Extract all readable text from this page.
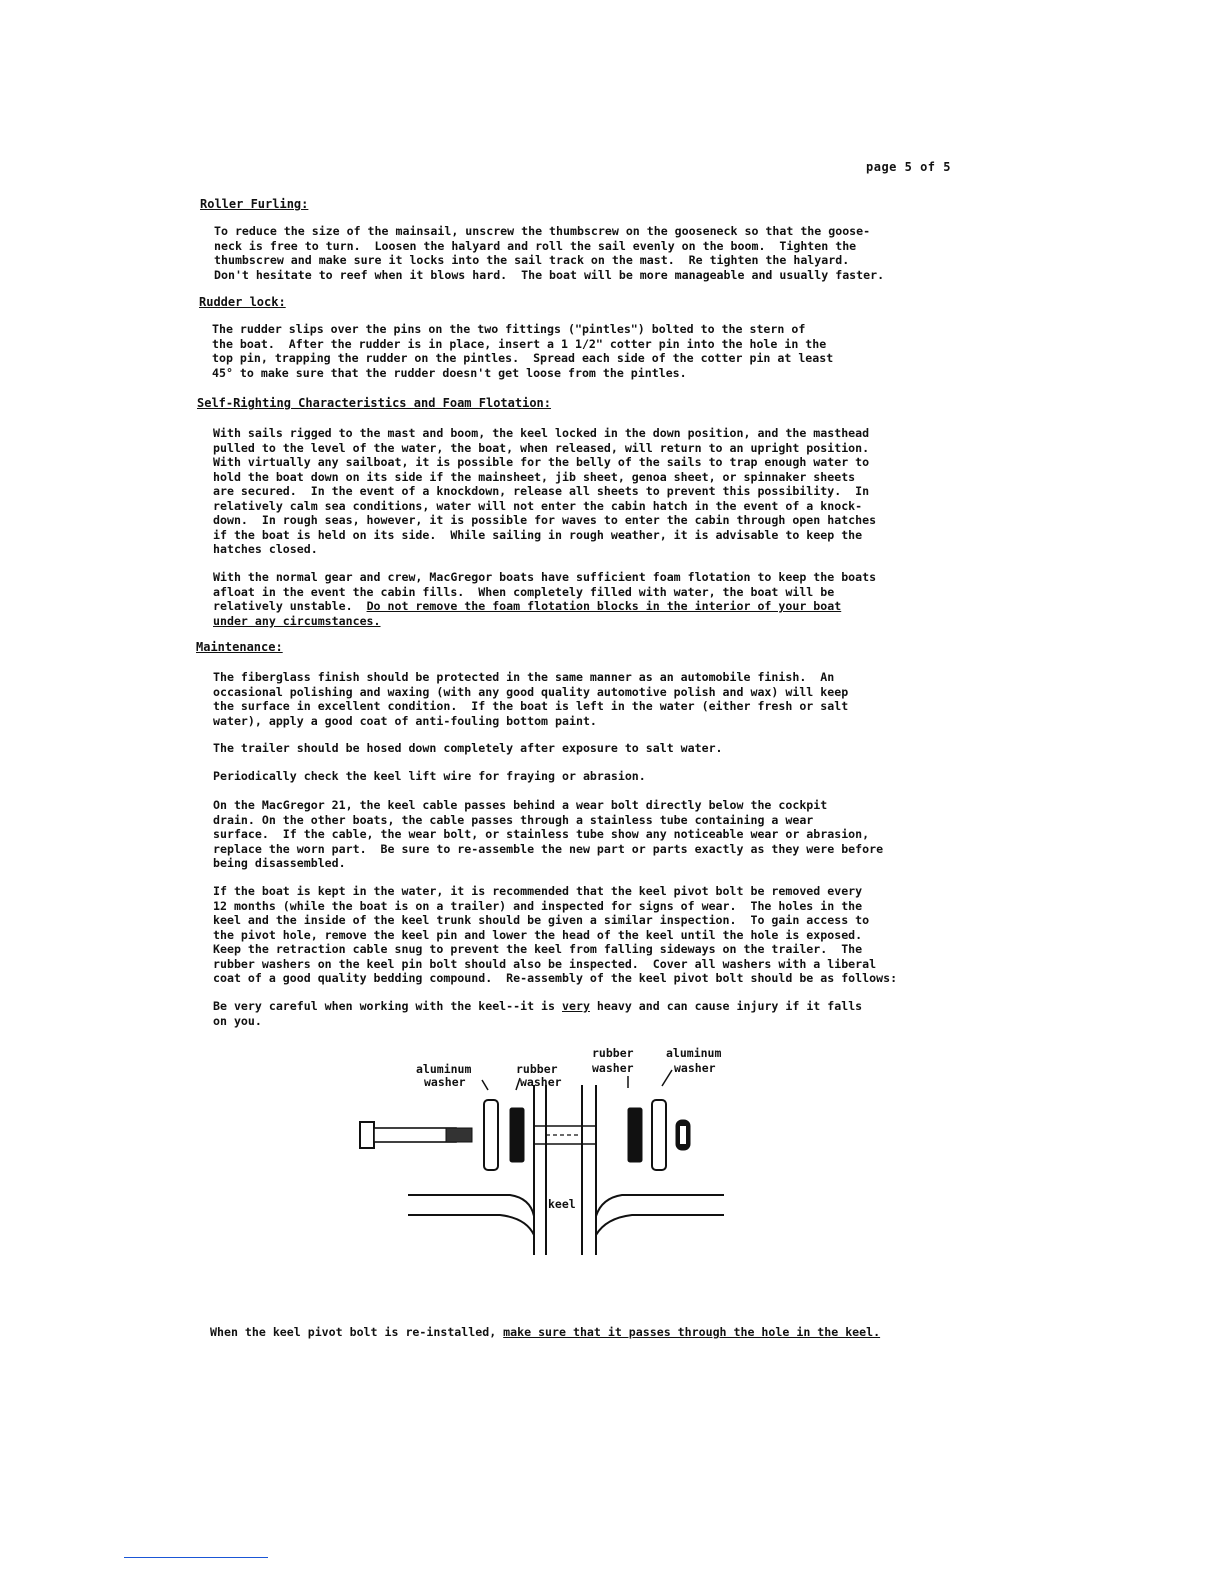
page 5 of 5
Roller Furling:

To reduce the size of the mainsail, unscrew the thumbscrew on the gooseneck so that the goose-
neck is free to turn.  Loosen the halyard and roll the sail evenly on the boom.  Tighten the
thumbscrew and make sure it locks into the sail track on the mast.  Re tighten the halyard.
Don't hesitate to reef when it blows hard.  The boat will be more manageable and usually faster.

Rudder lock:

The rudder slips over the pins on the two fittings ("pintles") bolted to the stern of
the boat.  After the rudder is in place, insert a 1 1/2" cotter pin into the hole in the
top pin, trapping the rudder on the pintles.  Spread each side of the cotter pin at least
45° to make sure that the rudder doesn't get loose from the pintles.

Self-Righting Characteristics and Foam Flotation:

With sails rigged to the mast and boom, the keel locked in the down position, and the masthead
pulled to the level of the water, the boat, when released, will return to an upright position.
With virtually any sailboat, it is possible for the belly of the sails to trap enough water to
hold the boat down on its side if the mainsheet, jib sheet, genoa sheet, or spinnaker sheets
are secured.  In the event of a knockdown, release all sheets to prevent this possibility.  In
relatively calm sea conditions, water will not enter the cabin hatch in the event of a knock-
down.  In rough seas, however, it is possible for waves to enter the cabin through open hatches
if the boat is held on its side.  While sailing in rough weather, it is advisable to keep the
hatches closed.

With the normal gear and crew, MacGregor boats have sufficient foam flotation to keep the boats
afloat in the event the cabin fills.  When completely filled with water, the boat will be
relatively unstable.  Do not remove the foam flotation blocks in the interior of your boat
under any circumstances.

Maintenance:

The fiberglass finish should be protected in the same manner as an automobile finish.  An
occasional polishing and waxing (with any good quality automotive polish and wax) will keep
the surface in excellent condition.  If the boat is left in the water (either fresh or salt
water), apply a good coat of anti-fouling bottom paint.

The trailer should be hosed down completely after exposure to salt water.

Periodically check the keel lift wire for fraying or abrasion.

On the MacGregor 21, the keel cable passes behind a wear bolt directly below the cockpit
drain. On the other boats, the cable passes through a stainless tube containing a wear
surface.  If the cable, the wear bolt, or stainless tube show any noticeable wear or abrasion,
replace the worn part.  Be sure to re-assemble the new part or parts exactly as they were before
being disassembled.

If the boat is kept in the water, it is recommended that the keel pivot bolt be removed every
12 months (while the boat is on a trailer) and inspected for signs of wear.  The holes in the
keel and the inside of the keel trunk should be given a similar inspection.  To gain access to
the pivot hole, remove the keel pin and lower the head of the keel until the hole is exposed.
Keep the retraction cable snug to prevent the keel from falling sideways on the trailer.  The
rubber washers on the keel pin bolt should also be inspected.  Cover all washers with a liberal
coat of a good quality bedding compound.  Re-assembly of the keel pivot bolt should be as follows:

Be very careful when working with the keel--it is very heavy and can cause injury if it falls
on you.

aluminum
washer
rubber
washer
rubber
washer
aluminum
washer
keel

When the keel pivot bolt is re-installed, make sure that it passes through the hole in the keel.
